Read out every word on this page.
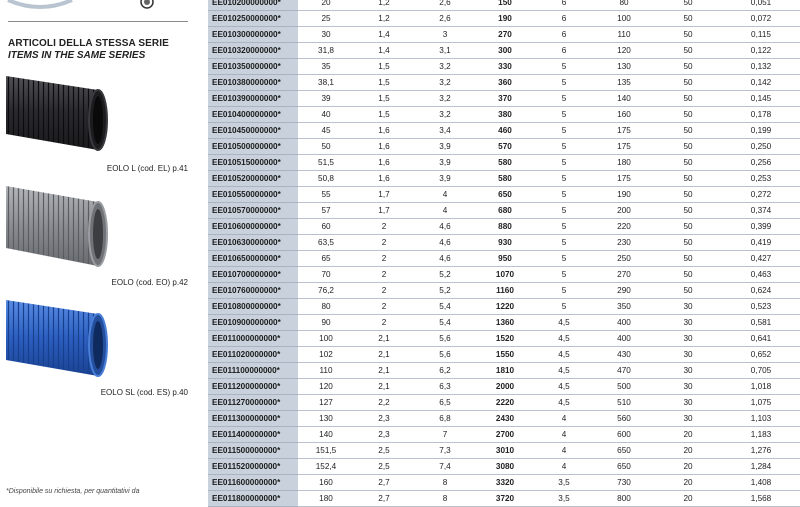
ARTICOLI DELLA STESSA SERIE
ITEMS IN THE SAME SERIES
EOLO L (cod. EL) p.41
EOLO (cod. EO) p.42
EOLO SL (cod. ES) p.40
*Disponibile su richiesta, per quantitativi da
EE010200000000*	20	1,2	2,6	150	6	80	50	0,051
EE010250000000*	25	1,2	2,6	190	6	100	50	0,072
EE010300000000*	30	1,4	3	270	6	110	50	0,115
EE010320000000*	31,8	1,4	3,1	300	6	120	50	0,122
EE010350000000*	35	1,5	3,2	330	5	130	50	0,132
EE010380000000*	38,1	1,5	3,2	360	5	135	50	0,142
EE010390000000*	39	1,5	3,2	370	5	140	50	0,145
EE010400000000*	40	1,5	3,2	380	5	160	50	0,178
EE010450000000*	45	1,6	3,4	460	5	175	50	0,199
EE010500000000*	50	1,6	3,9	570	5	175	50	0,250
EE010515000000*	51,5	1,6	3,9	580	5	180	50	0,256
EE010520000000*	50,8	1,6	3,9	580	5	175	50	0,253
EE010550000000*	55	1,7	4	650	5	190	50	0,272
EE010570000000*	57	1,7	4	680	5	200	50	0,374
EE010600000000*	60	2	4,6	880	5	220	50	0,399
EE010630000000*	63,5	2	4,6	930	5	230	50	0,419
EE010650000000*	65	2	4,6	950	5	250	50	0,427
EE010700000000*	70	2	5,2	1070	5	270	50	0,463
EE010760000000*	76,2	2	5,2	1160	5	290	50	0,624
EE010800000000*	80	2	5,4	1220	5	350	30	0,523
EE010900000000*	90	2	5,4	1360	4,5	400	30	0,581
EE011000000000*	100	2,1	5,6	1520	4,5	400	30	0,641
EE011020000000*	102	2,1	5,6	1550	4,5	430	30	0,652
EE011100000000*	110	2,1	6,2	1810	4,5	470	30	0,705
EE011200000000*	120	2,1	6,3	2000	4,5	500	30	1,018
EE011270000000*	127	2,2	6,5	2220	4,5	510	30	1,075
EE011300000000*	130	2,3	6,8	2430	4	560	30	1,103
EE011400000000*	140	2,3	7	2700	4	600	20	1,183
EE011500000000*	151,5	2,5	7,3	3010	4	650	20	1,276
EE011520000000*	152,4	2,5	7,4	3080	4	650	20	1,284
EE011600000000*	160	2,7	8	3320	3,5	730	20	1,408
EE011800000000*	180	2,7	8	3720	3,5	800	20	1,568
